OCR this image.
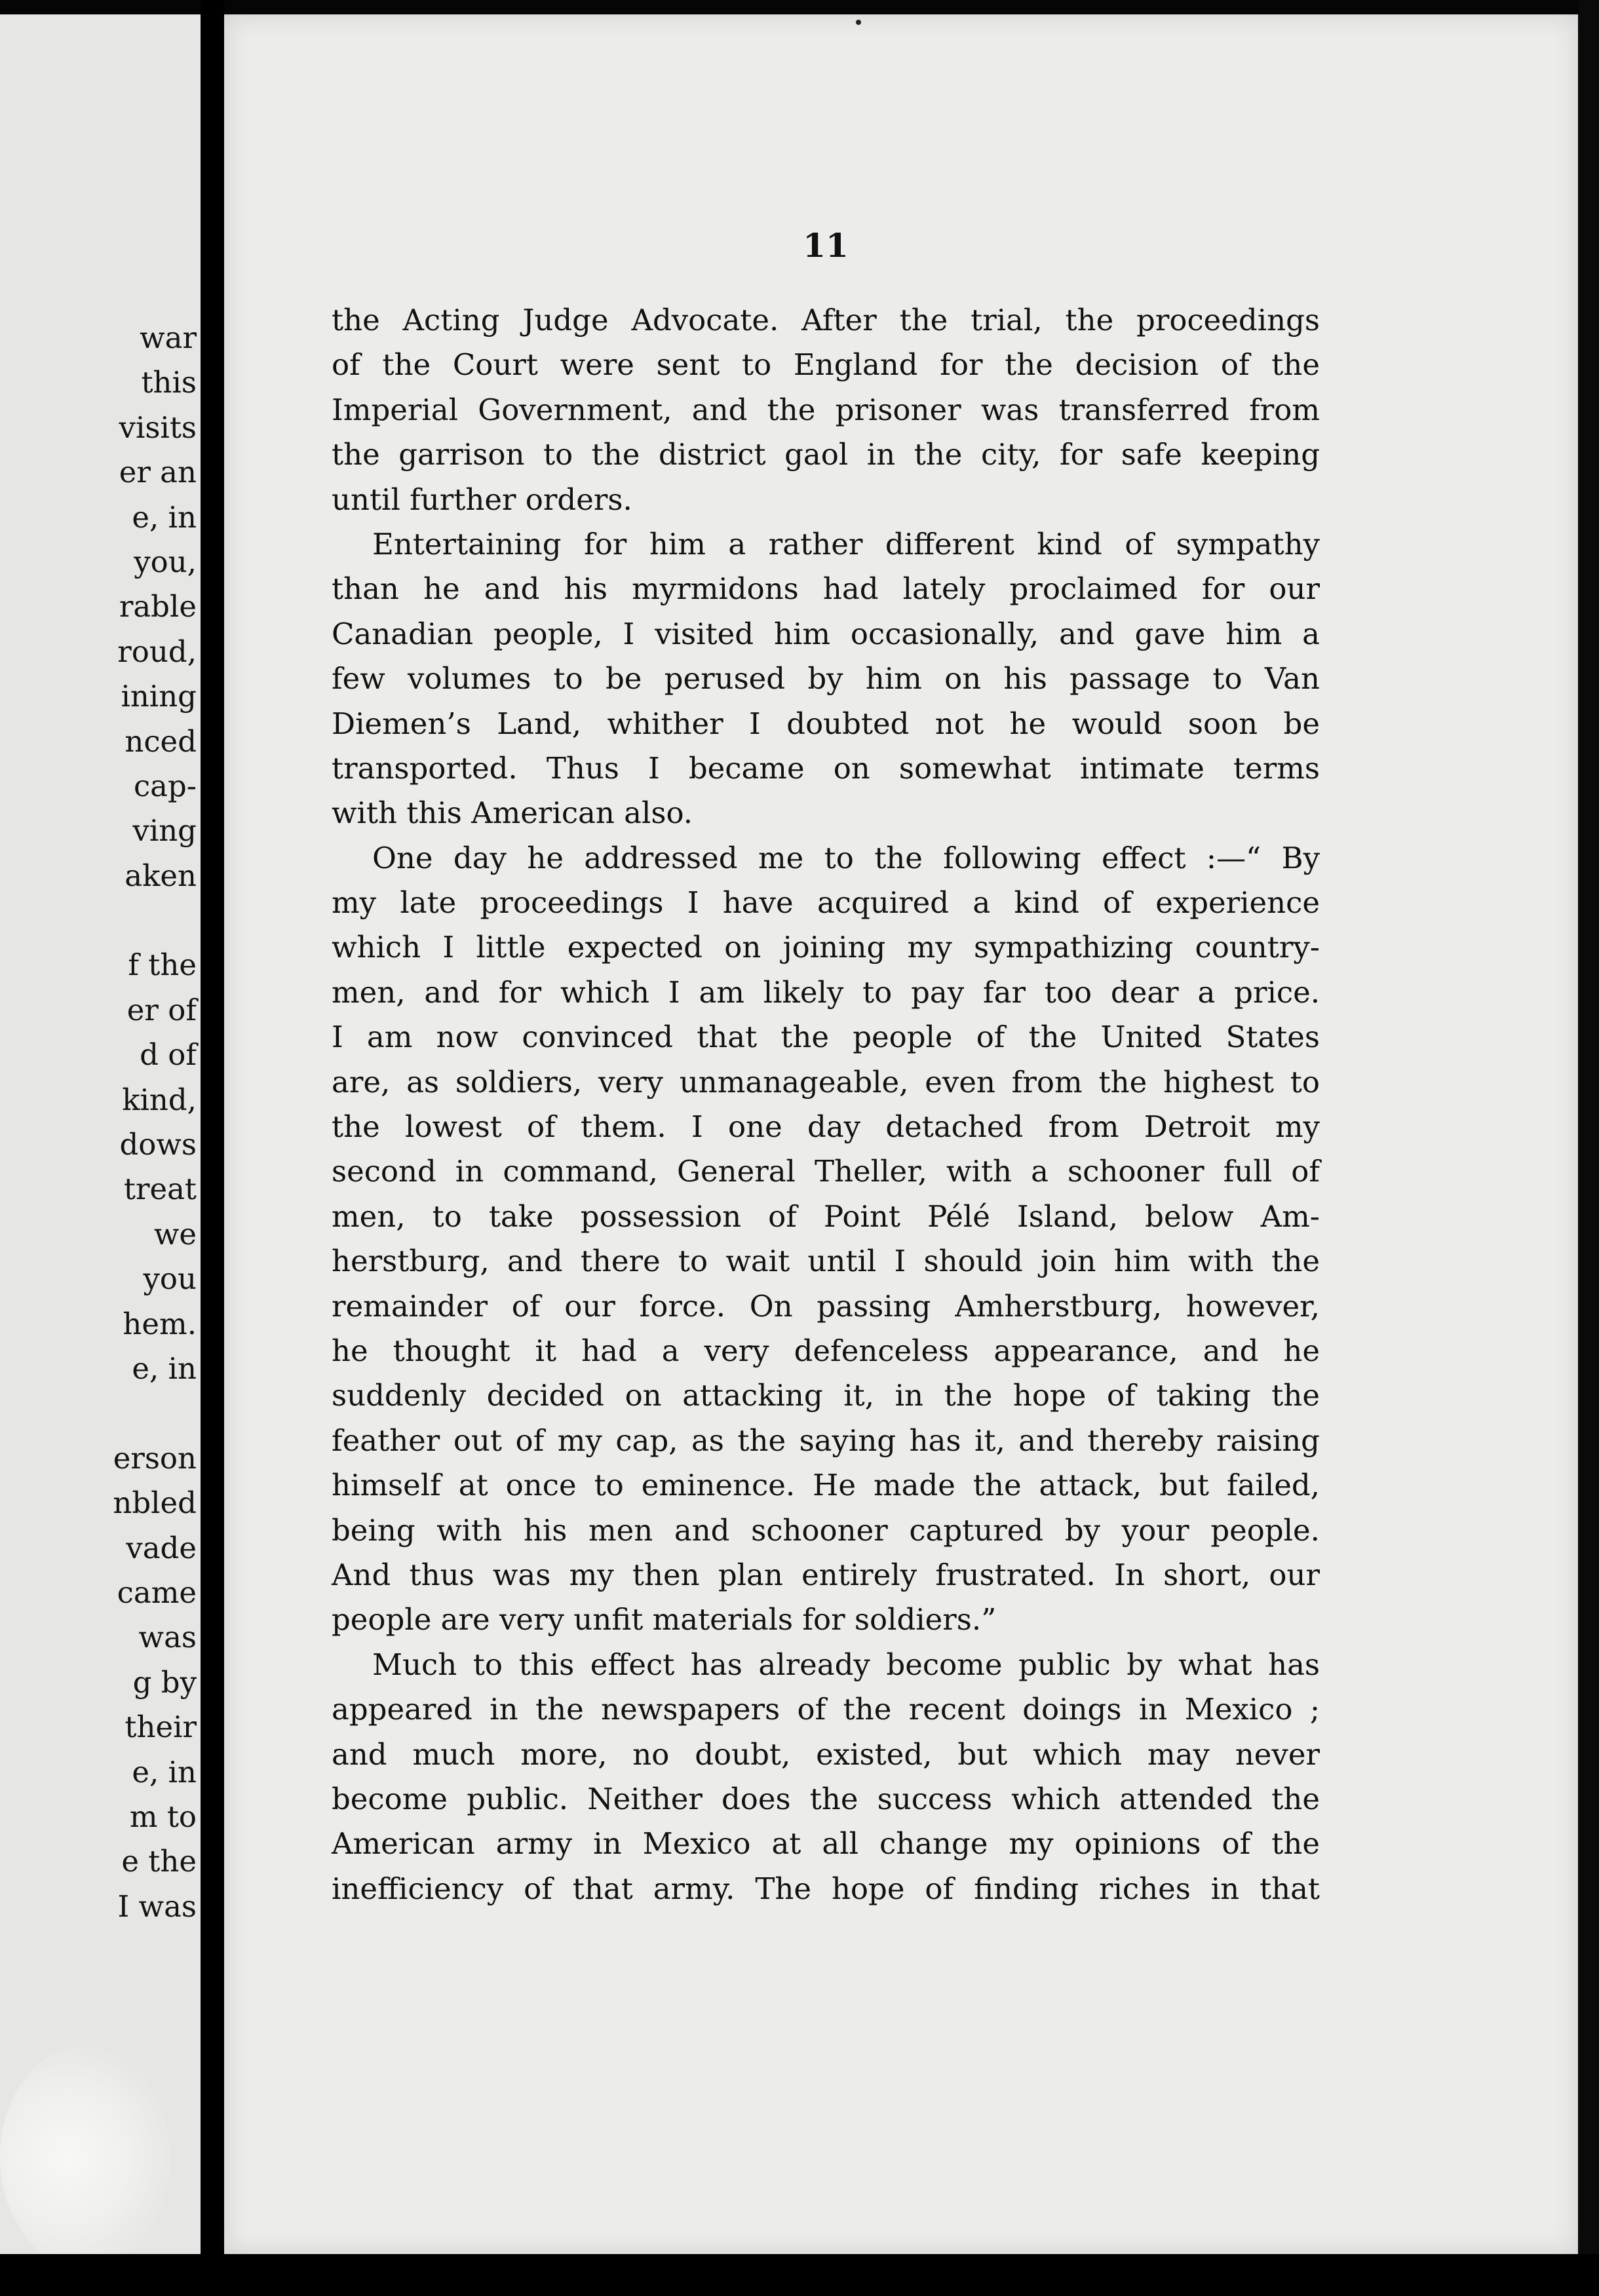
war
this
visits
er an
e, in
you,
rable
roud,
ining
nced
cap-
ving
aken
f the
er of
d of
kind,
dows
treat
we
you
hem.
e, in
erson
nbled
vade
came
was
g by
their
e, in
m to
e the
I was
11

the Acting Judge Advocate. After the trial, the proceedings
of the Court were sent to England for the decision of the
Imperial Government, and the prisoner was transferred from
the garrison to the district gaol in the city, for safe keeping
until further orders.

Entertaining for him a rather different kind of sympathy
than he and his myrmidons had lately proclaimed for our
Canadian people, I visited him occasionally, and gave him a
few volumes to be perused by him on his passage to Van
Diemen’s Land, whither I doubted not he would soon be
transported. Thus I became on somewhat intimate terms
with this American also.

One day he addressed me to the following effect :—“ By
my late proceedings I have acquired a kind of experience
which I little expected on joining my sympathizing country-
men, and for which I am likely to pay far too dear a price.
I am now convinced that the people of the United States
are, as soldiers, very unmanageable, even from the highest to
the lowest of them. I one day detached from Detroit my
second in command, General Theller, with a schooner full of
men, to take possession of Point Pélé Island, below Am-
herstburg, and there to wait until I should join him with the
remainder of our force. On passing Amherstburg, however,
he thought it had a very defenceless appearance, and he
suddenly decided on attacking it, in the hope of taking the
feather out of my cap, as the saying has it, and thereby raising
himself at once to eminence. He made the attack, but failed,
being with his men and schooner captured by your people.
And thus was my then plan entirely frustrated. In short, our
people are very unfit materials for soldiers.”

Much to this effect has already become public by what has
appeared in the newspapers of the recent doings in Mexico ;
and much more, no doubt, existed, but which may never
become public. Neither does the success which attended the
American army in Mexico at all change my opinions of the
inefficiency of that army. The hope of finding riches in that
